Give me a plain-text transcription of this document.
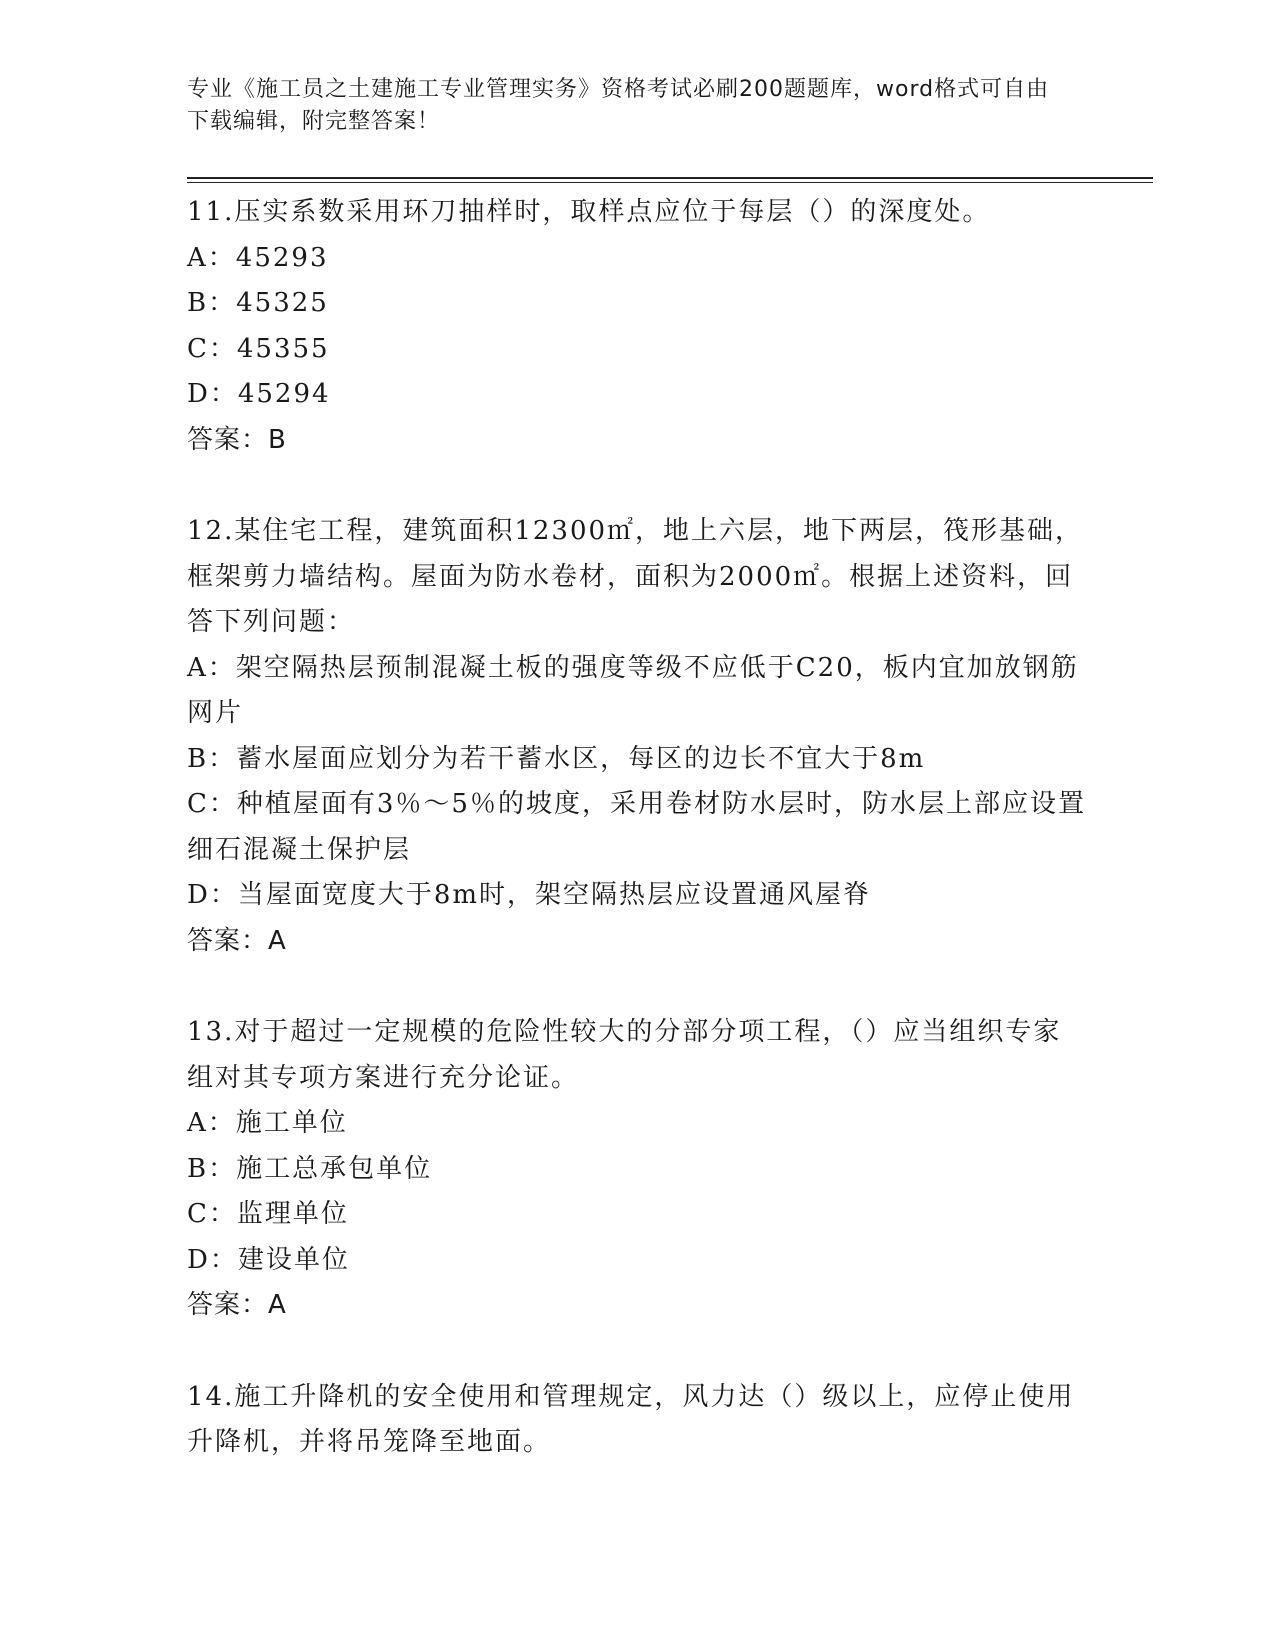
专业《施工员之土建施工专业管理实务》资格考试必刷200题题库，word格式可自由下载编辑，附完整答案！

11.压实系数采用环刀抽样时，取样点应位于每层（）的深度处。

A：45293

B：45325

C：45355

D：45294

答案：B

12.某住宅工程，建筑面积12300㎡，地上六层，地下两层，筏形基础，框架剪力墙结构。屋面为防水卷材，面积为2000㎡。根据上述资料，回答下列问题：

A：架空隔热层预制混凝土板的强度等级不应低于C20，板内宜加放钢筋网片

B：蓄水屋面应划分为若干蓄水区，每区的边长不宜大于8m

C：种植屋面有3％～5％的坡度，采用卷材防水层时，防水层上部应设置细石混凝土保护层

D：当屋面宽度大于8m时，架空隔热层应设置通风屋脊

答案：A

13.对于超过一定规模的危险性较大的分部分项工程，（）应当组织专家组对其专项方案进行充分论证。

A：施工单位

B：施工总承包单位

C：监理单位

D：建设单位

答案：A

14.施工升降机的安全使用和管理规定，风力达（）级以上，应停止使用升降机，并将吊笼降至地面。
